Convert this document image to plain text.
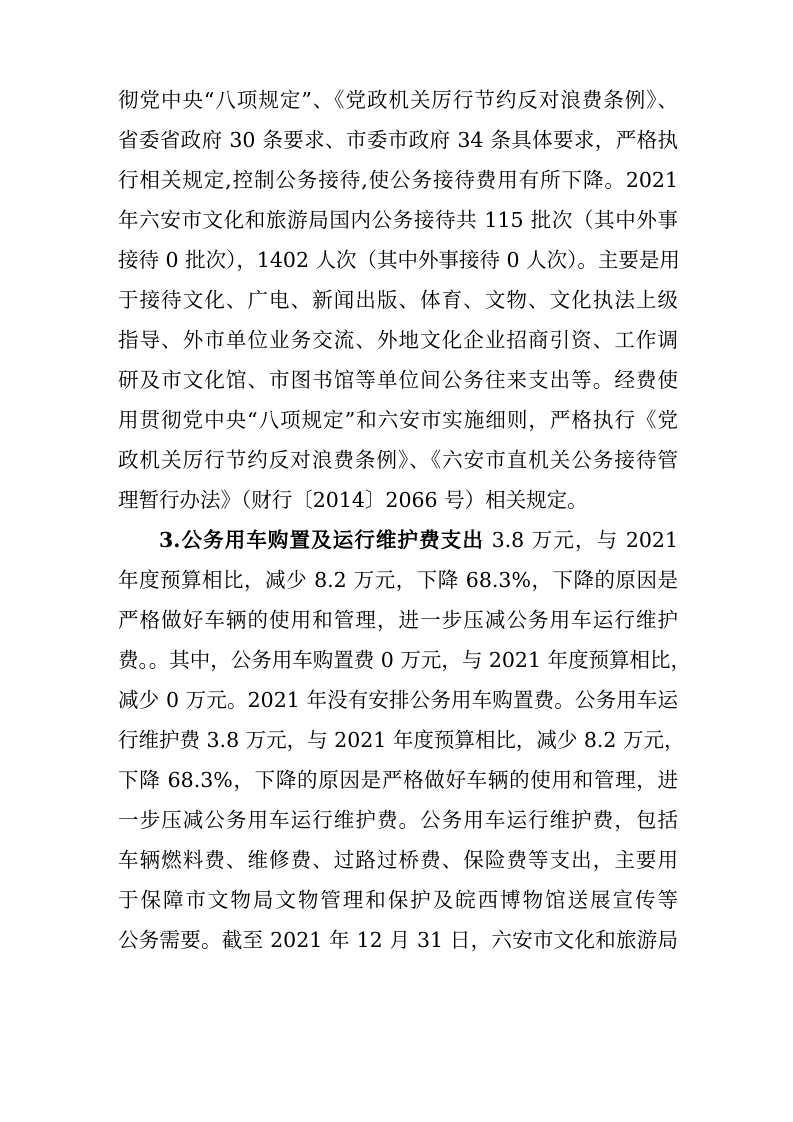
彻党中央“八项规定”、《党政机关厉行节约反对浪费条例》、
省委省政府 30 条要求、市委市政府 34 条具体要求，严格执
行相关规定,控制公务接待,使公务接待费用有所下降。2021
年六安市文化和旅游局国内公务接待共 115 批次（其中外事
接待 0 批次），1402 人次（其中外事接待 0 人次）。主要是用
于接待文化、广电、新闻出版、体育、文物、文化执法上级
指导、外市单位业务交流、外地文化企业招商引资、工作调
研及市文化馆、市图书馆等单位间公务往来支出等。经费使
用贯彻党中央“八项规定”和六安市实施细则，严格执行《党
政机关厉行节约反对浪费条例》、《六安市直机关公务接待管
理暂行办法》（财行〔2014〕2066 号）相关规定。
3.公务用车购置及运行维护费支出 3.8 万元，与 2021
年度预算相比，减少 8.2 万元，下降 68.3%，下降的原因是
严格做好车辆的使用和管理，进一步压减公务用车运行维护
费。。其中，公务用车购置费 0 万元，与 2021 年度预算相比，
减少 0 万元。2021 年没有安排公务用车购置费。公务用车运
行维护费 3.8 万元，与 2021 年度预算相比，减少 8.2 万元，
下降 68.3%，下降的原因是严格做好车辆的使用和管理，进
一步压减公务用车运行维护费。公务用车运行维护费，包括
车辆燃料费、维修费、过路过桥费、保险费等支出，主要用
于保障市文物局文物管理和保护及皖西博物馆送展宣传等
公务需要。截至 2021 年 12 月 31 日，六安市文化和旅游局
